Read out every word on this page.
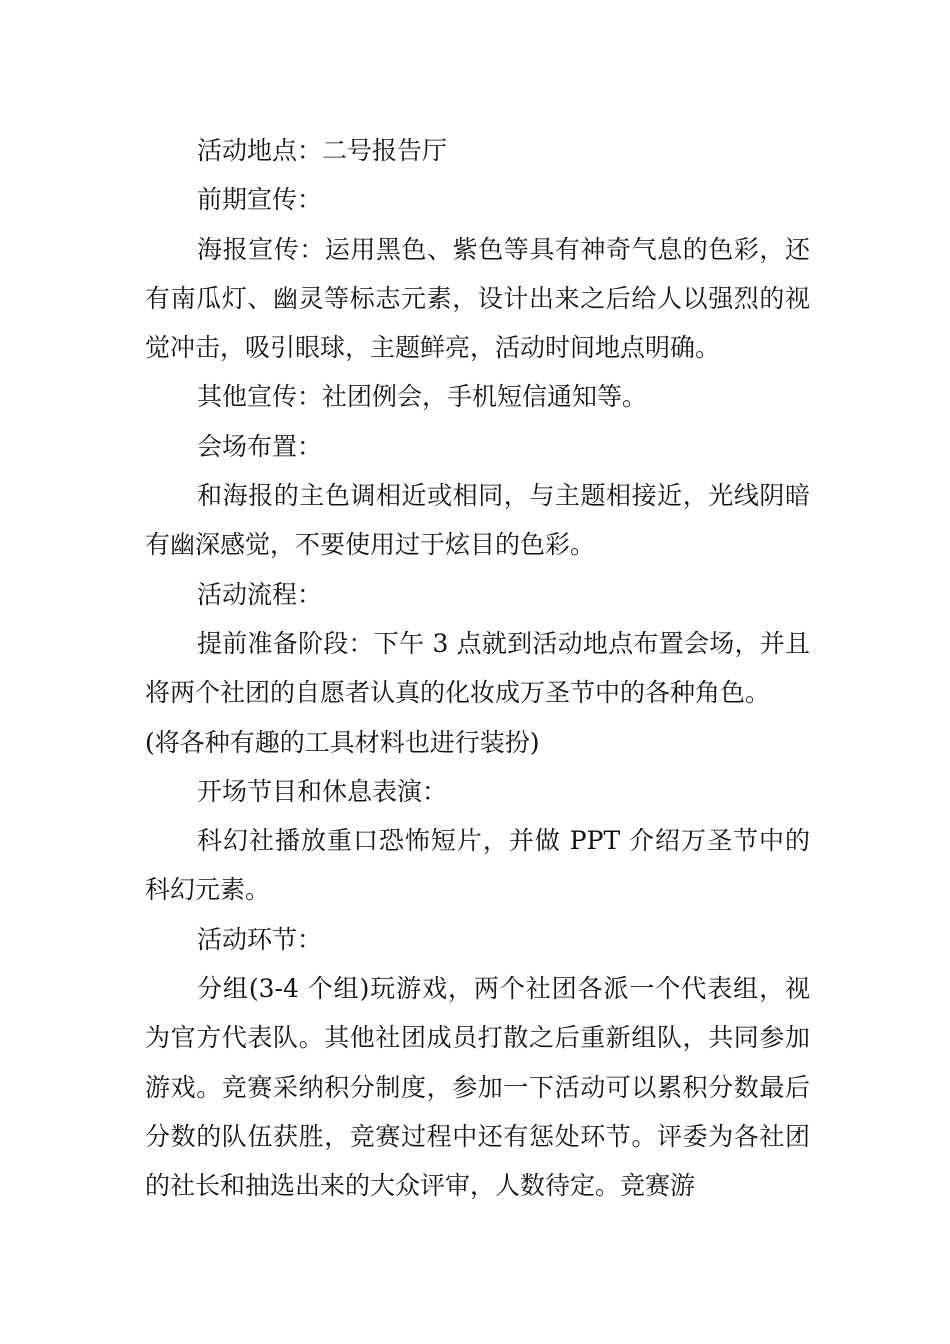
活动地点：二号报告厅

前期宣传：

海报宣传：运用黑色、紫色等具有神奇气息的色彩，还有南瓜灯、幽灵等标志元素，设计出来之后给人以强烈的视觉冲击，吸引眼球，主题鲜亮，活动时间地点明确。

其他宣传：社团例会，手机短信通知等。

会场布置：

和海报的主色调相近或相同，与主题相接近，光线阴暗有幽深感觉，不要使用过于炫目的色彩。

活动流程：

提前准备阶段：下午 3 点就到活动地点布置会场，并且将两个社团的自愿者认真的化妆成万圣节中的各种角色。

(将各种有趣的工具材料也进行装扮)

开场节目和休息表演：

科幻社播放重口恐怖短片，并做 PPT 介绍万圣节中的科幻元素。

活动环节：

分组(3-4 个组)玩游戏，两个社团各派一个代表组，视为官方代表队。其他社团成员打散之后重新组队，共同参加游戏。竞赛采纳积分制度，参加一下活动可以累积分数最后分数的队伍获胜，竞赛过程中还有惩处环节。评委为各社团的社长和抽选出来的大众评审，人数待定。竞赛游
